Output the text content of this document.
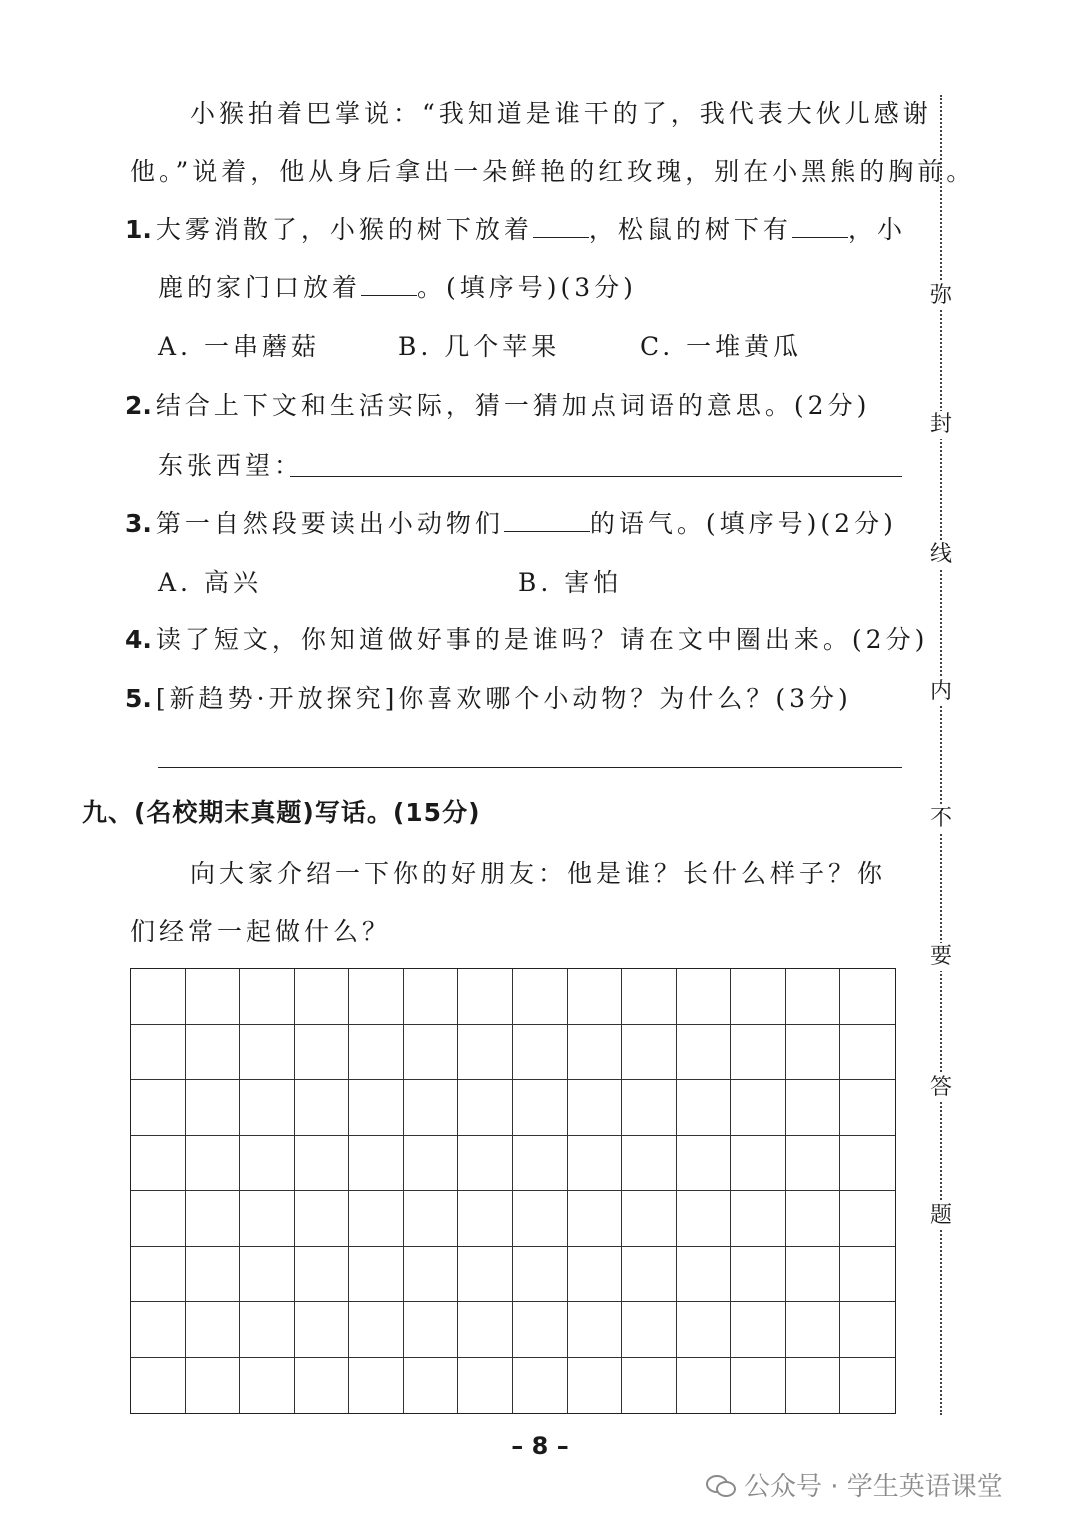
小猴拍着巴掌说：“我知道是谁干的了，我代表大伙儿感谢
他。”说着，他从身后拿出一朵鲜艳的红玫瑰，别在小黑熊的胸前。
1. 大雾消散了，小猴的树下放着 ，松鼠的树下有 ，小
鹿的家门口放着 。(填序号)(3分)
A. 一串蘑菇	B. 几个苹果	C. 一堆黄瓜
2. 结合上下文和生活实际，猜一猜加点词语的意思。(2分)
东张西望：
3. 第一自然段要读出小动物们	的语气。(填序号)(2分)
A. 高兴	B. 害怕
4. 读了短文，你知道做好事的是谁吗？请在文中圈出来。(2分)
5. [新趋势·开放探究]你喜欢哪个小动物？为什么？(3分)
九、(名校期末真题)写话。(15分)
向大家介绍一下你的好朋友：他是谁？长什么样子？你
们经常一起做什么？
弥
封
线
内
不
要
答
题
– 8 –
公众号 · 学生英语课堂
